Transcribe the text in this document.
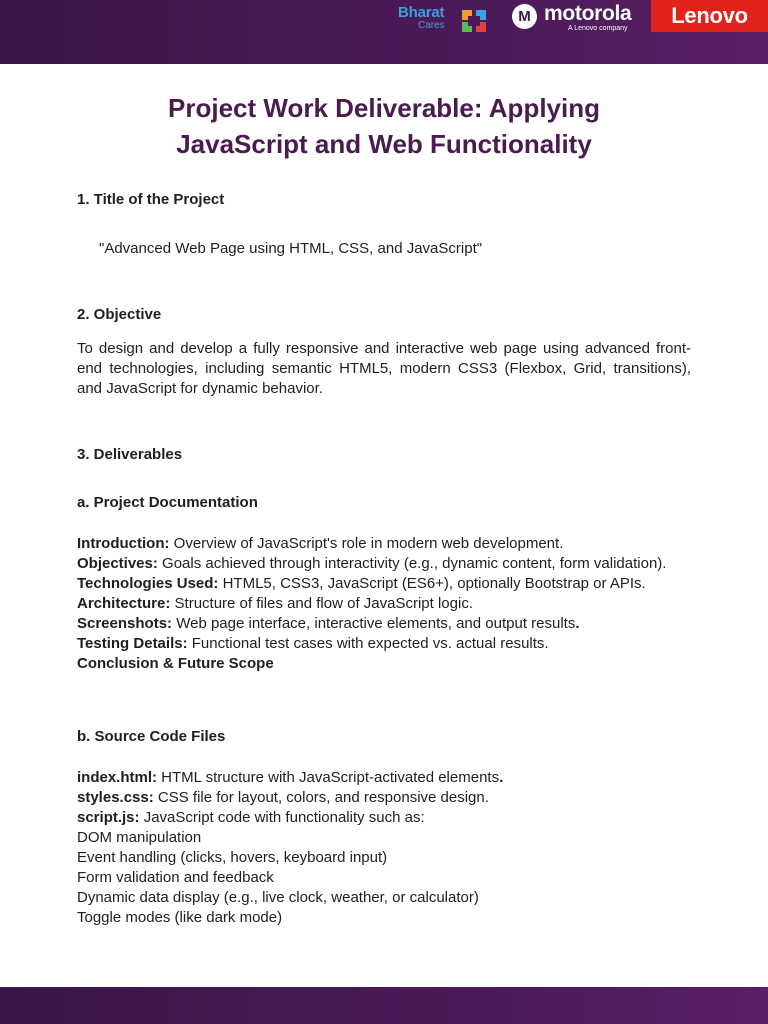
Bharat
Cares
M motorola
A Lenovo company
Lenovo
Project Work Deliverable: Applying
JavaScript and Web Functionality

1. Title of the Project

"Advanced Web Page using HTML, CSS, and JavaScript"

2. Objective

To design and develop a fully responsive and interactive web page using advanced front-end technologies, including semantic HTML5, modern CSS3 (Flexbox, Grid, transitions), and JavaScript for dynamic behavior.

3. Deliverables

a. Project Documentation

Introduction: Overview of JavaScript's role in modern web development.
Objectives: Goals achieved through interactivity (e.g., dynamic content, form validation).
Technologies Used: HTML5, CSS3, JavaScript (ES6+), optionally Bootstrap or APIs.
Architecture: Structure of files and flow of JavaScript logic.
Screenshots: Web page interface, interactive elements, and output results.
Testing Details: Functional test cases with expected vs. actual results.
Conclusion & Future Scope

b. Source Code Files

index.html: HTML structure with JavaScript-activated elements.
styles.css: CSS file for layout, colors, and responsive design.
script.js: JavaScript code with functionality such as:
DOM manipulation
Event handling (clicks, hovers, keyboard input)
Form validation and feedback
Dynamic data display (e.g., live clock, weather, or calculator)
Toggle modes (like dark mode)
